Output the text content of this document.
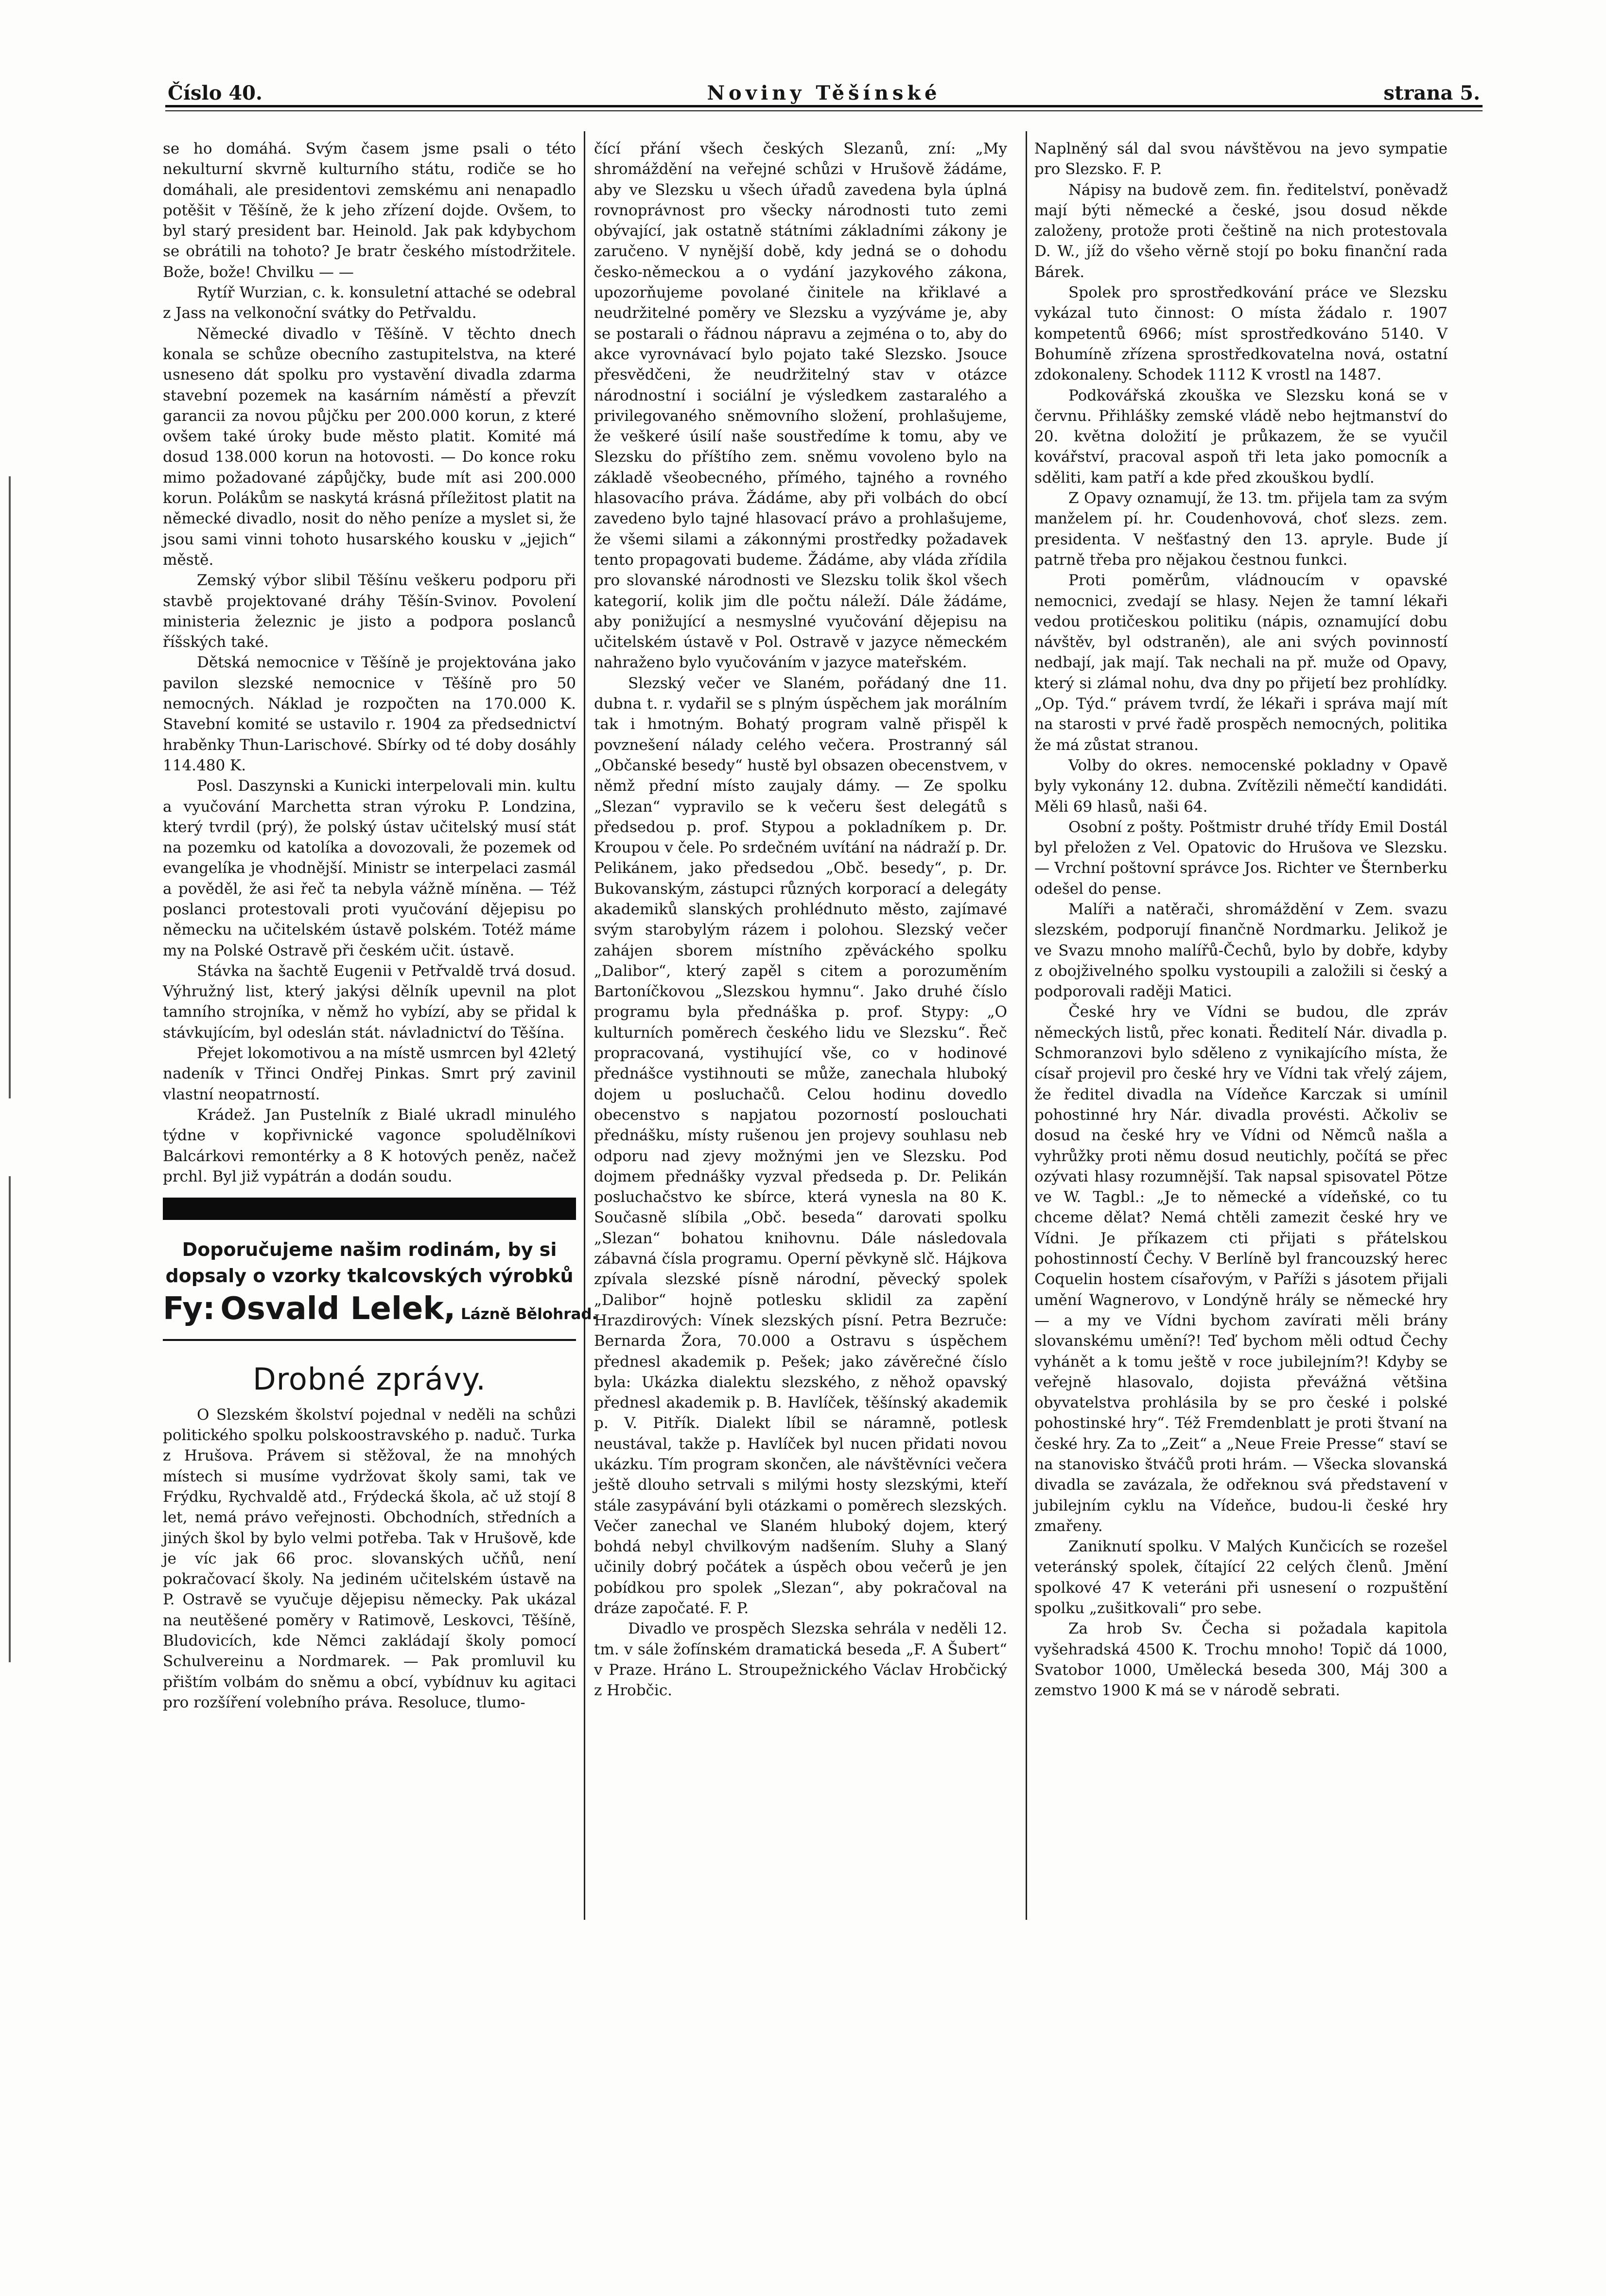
Číslo 40.	Noviny Těšínské	strana 5.

se ho domáhá. Svým časem jsme psali o této nekulturní skvrně kulturního státu, rodiče se ho domáhali, ale presidentovi zemskému ani nenapadlo potěšit v Těšíně, že k jeho zřízení dojde. Ovšem, to byl starý president bar. Heinold. Jak pak kdybychom se obrátili na tohoto? Je bratr českého místodržitele. Bože, bože! Chvilku — —

Rytíř Wurzian, c. k. konsuletní attaché se odebral z Jass na velkonoční svátky do Petřvaldu.

Německé divadlo v Těšíně. V těchto dnech konala se schůze obecního zastupitelstva, na které usneseno dát spolku pro vystavění divadla zdarma stavební pozemek na kasárním náměstí a převzít garancii za novou půjčku per 200.000 korun, z které ovšem také úroky bude město platit. Komité má dosud 138.000 korun na hotovosti. — Do konce roku mimo požadované zápůjčky, bude mít asi 200.000 korun. Polákům se naskytá krásná příležitost platit na německé divadlo, nosit do něho peníze a myslet si, že jsou sami vinni tohoto husarského kousku v „jejich“ městě.

Zemský výbor slibil Těšínu veškeru podporu při stavbě projektované dráhy Těšín-Svinov. Povolení ministeria železnic je jisto a podpora poslanců říšských také.

Dětská nemocnice v Těšíně je projektována jako pavilon slezské nemocnice v Těšíně pro 50 nemocných. Náklad je rozpočten na 170.000 K. Stavební komité se ustavilo r. 1904 za předsednictví hraběnky Thun-Larischové. Sbírky od té doby dosáhly 114.480 K.

Posl. Daszynski a Kunicki interpelovali min. kultu a vyučování Marchetta stran výroku P. Londzina, který tvrdil (prý), že polský ústav učitelský musí stát na pozemku od katolíka a dovozovali, že pozemek od evangelíka je vhodnější. Ministr se interpelaci zasmál a pověděl, že asi řeč ta nebyla vážně míněna. — Též poslanci protestovali proti vyučování dějepisu po německu na učitelském ústavě polském. Totéž máme my na Polské Ostravě při českém učit. ústavě.

Stávka na šachtě Eugenii v Petřvaldě trvá dosud. Výhružný list, který jakýsi dělník upevnil na plot tamního strojníka, v němž ho vybízí, aby se přidal k stávkujícím, byl odeslán stát. návladnictví do Těšína.

Přejet lokomotivou a na místě usmrcen byl 42letý nadeník v Třinci Ondřej Pinkas. Smrt prý zavinil vlastní neopatrností.

Krádež. Jan Pustelník z Bialé ukradl minulého týdne v kopřivnické vagonce spoludělníkovi Balcárkovi remontérky a 8 K hotových peněz, načež prchl. Byl již vypátrán a dodán soudu.

Doporučujeme našim rodinám, by si dopsaly o vzorky tkalcovských výrobků
Fy: Osvald Lelek, Lázně Bělohrad.
Drobné zprávy.

O Slezském školství pojednal v neděli na schůzi politického spolku polskoostravského p. naduč. Turka z Hrušova. Právem si stěžoval, že na mnohých místech si musíme vydržovat školy sami, tak ve Frýdku, Rychvaldě atd., Frýdecká škola, ač už stojí 8 let, nemá právo veřejnosti. Obchodních, středních a jiných škol by bylo velmi potřeba. Tak v Hrušově, kde je víc jak 66 proc. slovanských učňů, není pokračovací školy. Na jediném učitelském ústavě na P. Ostravě se vyučuje dějepisu německy. Pak ukázal na neutěšené poměry v Ratimově, Leskovci, Těšíně, Bludovicích, kde Němci zakládají školy pomocí Schulvereinu a Nordmarek. — Pak promluvil ku přištím volbám do sněmu a obcí, vybídnuv ku agitaci pro rozšíření volebního práva. Resoluce, tlumo-

čící přání všech českých Slezanů, zní: „My shromáždění na veřejné schůzi v Hrušově žádáme, aby ve Slezsku u všech úřadů zavedena byla úplná rovnoprávnost pro všecky národnosti tuto zemi obývající, jak ostatně státními základními zákony je zaručeno. V nynější době, kdy jedná se o dohodu česko-německou a o vydání jazykového zákona, upozorňujeme povolané činitele na křiklavé a neudržitelné poměry ve Slezsku a vyzýváme je, aby se postarali o řádnou nápravu a zejména o to, aby do akce vyrovnávací bylo pojato také Slezsko. Jsouce přesvědčeni, že neudržitelný stav v otázce národnostní i sociální je výsledkem zastaralého a privilegovaného sněmovního složení, prohlašujeme, že veškeré úsilí naše soustředíme k tomu, aby ve Slezsku do příštího zem. sněmu vovoleno bylo na základě všeobecného, přímého, tajného a rovného hlasovacího práva. Žádáme, aby při volbách do obcí zavedeno bylo tajné hlasovací právo a prohlašujeme, že všemi silami a zákonnými prostředky požadavek tento propagovati budeme. Žádáme, aby vláda zřídila pro slovanské národnosti ve Slezsku tolik škol všech kategorií, kolik jim dle počtu náleží. Dále žádáme, aby ponižující a nesmyslné vyučování dějepisu na učitelském ústavě v Pol. Ostravě v jazyce německém nahraženo bylo vyučováním v jazyce mateřském.

Slezský večer ve Slaném, pořádaný dne 11. dubna t. r. vydařil se s plným úspěchem jak morálním tak i hmotným. Bohatý program valně přispěl k povznešení nálady celého večera. Prostranný sál „Občanské besedy“ hustě byl obsazen obecenstvem, v němž přední místo zaujaly dámy. — Ze spolku „Slezan“ vypravilo se k večeru šest delegátů s předsedou p. prof. Stypou a pokladníkem p. Dr. Kroupou v čele. Po srdečném uvítání na nádraží p. Dr. Pelikánem, jako předsedou „Obč. besedy“, p. Dr. Bukovanským, zástupci různých korporací a delegáty akademiků slanských prohlédnuto město, zajímavé svým starobylým rázem i polohou. Slezský večer zahájen sborem místního zpěváckého spolku „Dalibor“, který zapěl s citem a porozuměním Bartoníčkovou „Slezskou hymnu“. Jako druhé číslo programu byla přednáška p. prof. Stypy: „O kulturních poměrech českého lidu ve Slezsku“. Řeč propracovaná, vystihující vše, co v hodinové přednášce vystihnouti se může, zanechala hluboký dojem u posluchačů. Celou hodinu dovedlo obecenstvo s napjatou pozorností poslouchati přednášku, místy rušenou jen projevy souhlasu neb odporu nad zjevy možnými jen ve Slezsku. Pod dojmem přednášky vyzval předseda p. Dr. Pelikán posluchačstvo ke sbírce, která vynesla na 80 K. Současně slíbila „Obč. beseda“ darovati spolku „Slezan“ bohatou knihovnu. Dále následovala zábavná čísla programu. Operní pěvkyně slč. Hájkova zpívala slezské písně národní, pěvecký spolek „Dalibor“ hojně potlesku sklidil za zapění Hrazdirových: Vínek slezských písní. Petra Bezruče: Bernarda Žora, 70.000 a Ostravu s úspěchem přednesl akademik p. Pešek; jako závěrečné číslo byla: Ukázka dialektu slezského, z něhož opavský přednesl akademik p. B. Havlíček, těšínský akademik p. V. Pitřík. Dialekt líbil se náramně, potlesk neustával, takže p. Havlíček byl nucen přidati novou ukázku. Tím program skončen, ale návštěvníci večera ještě dlouho setrvali s milými hosty slezskými, kteří stále zasypávání byli otázkami o poměrech slezských. Večer zanechal ve Slaném hluboký dojem, který bohdá nebyl chvilkovým nadšením. Sluhy a Slaný učinily dobrý počátek a úspěch obou večerů je jen pobídkou pro spolek „Slezan“, aby pokračoval na dráze započaté. F. P.

Divadlo ve prospěch Slezska sehrála v neděli 12. tm. v sále žofínském dramatická beseda „F. A Šubert“ v Praze. Hráno L. Stroupežnického Václav Hrobčický z Hrobčic.

Naplněný sál dal svou návštěvou na jevo sympatie pro Slezsko. F. P.

Nápisy na budově zem. fin. ředitelství, poněvadž mají býti německé a české, jsou dosud někde založeny, protože proti češtině na nich protestovala D. W., jíž do všeho věrně stojí po boku finanční rada Bárek.

Spolek pro sprostředkování práce ve Slezsku vykázal tuto činnost: O místa žádalo r. 1907 kompetentů 6966; míst sprostředkováno 5140. V Bohumíně zřízena sprostředkovatelna nová, ostatní zdokonaleny. Schodek 1112 K vrostl na 1487.

Podkovářská zkouška ve Slezsku koná se v červnu. Přihlášky zemské vládě nebo hejtmanství do 20. května doložití je průkazem, že se vyučil kovářství, pracoval aspoň tři leta jako pomocník a sděliti, kam patří a kde před zkouškou bydlí.

Z Opavy oznamují, že 13. tm. přijela tam za svým manželem pí. hr. Coudenhovová, choť slezs. zem. presidenta. V nešťastný den 13. apryle. Bude jí patrně třeba pro nějakou čestnou funkci.

Proti poměrům, vládnoucím v opavské nemocnici, zvedají se hlasy. Nejen že tamní lékaři vedou protičeskou politiku (nápis, oznamující dobu návštěv, byl odstraněn), ale ani svých povinností nedbají, jak mají. Tak nechali na př. muže od Opavy, který si zlámal nohu, dva dny po přijetí bez prohlídky. „Op. Týd.“ právem tvrdí, že lékaři i správa mají mít na starosti v prvé řadě prospěch nemocných, politika že má zůstat stranou.

Volby do okres. nemocenské pokladny v Opavě byly vykonány 12. dubna. Zvítězili němečtí kandidáti. Měli 69 hlasů, naši 64.

Osobní z pošty. Poštmistr druhé třídy Emil Dostál byl přeložen z Vel. Opatovic do Hrušova ve Slezsku. — Vrchní poštovní správce Jos. Richter ve Šternberku odešel do pense.

Malíři a natěrači, shromáždění v Zem. svazu slezském, podporují finančně Nordmarku. Jelikož je ve Svazu mnoho malířů-Čechů, bylo by dobře, kdyby z obojživelného spolku vystoupili a založili si český a podporovali raději Matici.

České hry ve Vídni se budou, dle zpráv německých listů, přec konati. Ředitelí Nár. divadla p. Schmoranzovi bylo sděleno z vynikajícího místa, že císař projevil pro české hry ve Vídni tak vřelý zájem, že ředitel divadla na Vídeňce Karczak si umínil pohostinné hry Nár. divadla provésti. Ačkoliv se dosud na české hry ve Vídni od Němců našla a vyhrůžky proti němu dosud neutichly, počítá se přec ozývati hlasy rozumnější. Tak napsal spisovatel Pötze ve W. Tagbl.: „Je to německé a vídeňské, co tu chceme dělat? Nemá chtěli zamezit české hry ve Vídni. Je příkazem cti přijati s přátelskou pohostinností Čechy. V Berlíně byl francouzský herec Coquelin hostem císařovým, v Paříži s jásotem přijali umění Wagnerovo, v Londýně hrály se německé hry — a my ve Vídni bychom zavírati měli brány slovanskému umění?! Teď bychom měli odtud Čechy vyhánět a k tomu ještě v roce jubilejním?! Kdyby se veřejně hlasovalo, dojista převážná většina obyvatelstva prohlásila by se pro české i polské pohostinské hry“. Též Fremdenblatt je proti štvaní na české hry. Za to „Zeit“ a „Neue Freie Presse“ staví se na stanovisko štváčů proti hrám. — Všecka slovanská divadla se zavázala, že odřeknou svá představení v jubilejním cyklu na Vídeňce, budou-li české hry zmařeny.

Zaniknutí spolku. V Malých Kunčicích se rozešel veteránský spolek, čítající 22 celých členů. Jmění spolkové 47 K veteráni při usnesení o rozpuštění spolku „zušitkovali“ pro sebe.

Za hrob Sv. Čecha si požadala kapitola vyšehradská 4500 K. Trochu mnoho! Topič dá 1000, Svatobor 1000, Umělecká beseda 300, Máj 300 a zemstvo 1900 K má se v národě sebrati.
